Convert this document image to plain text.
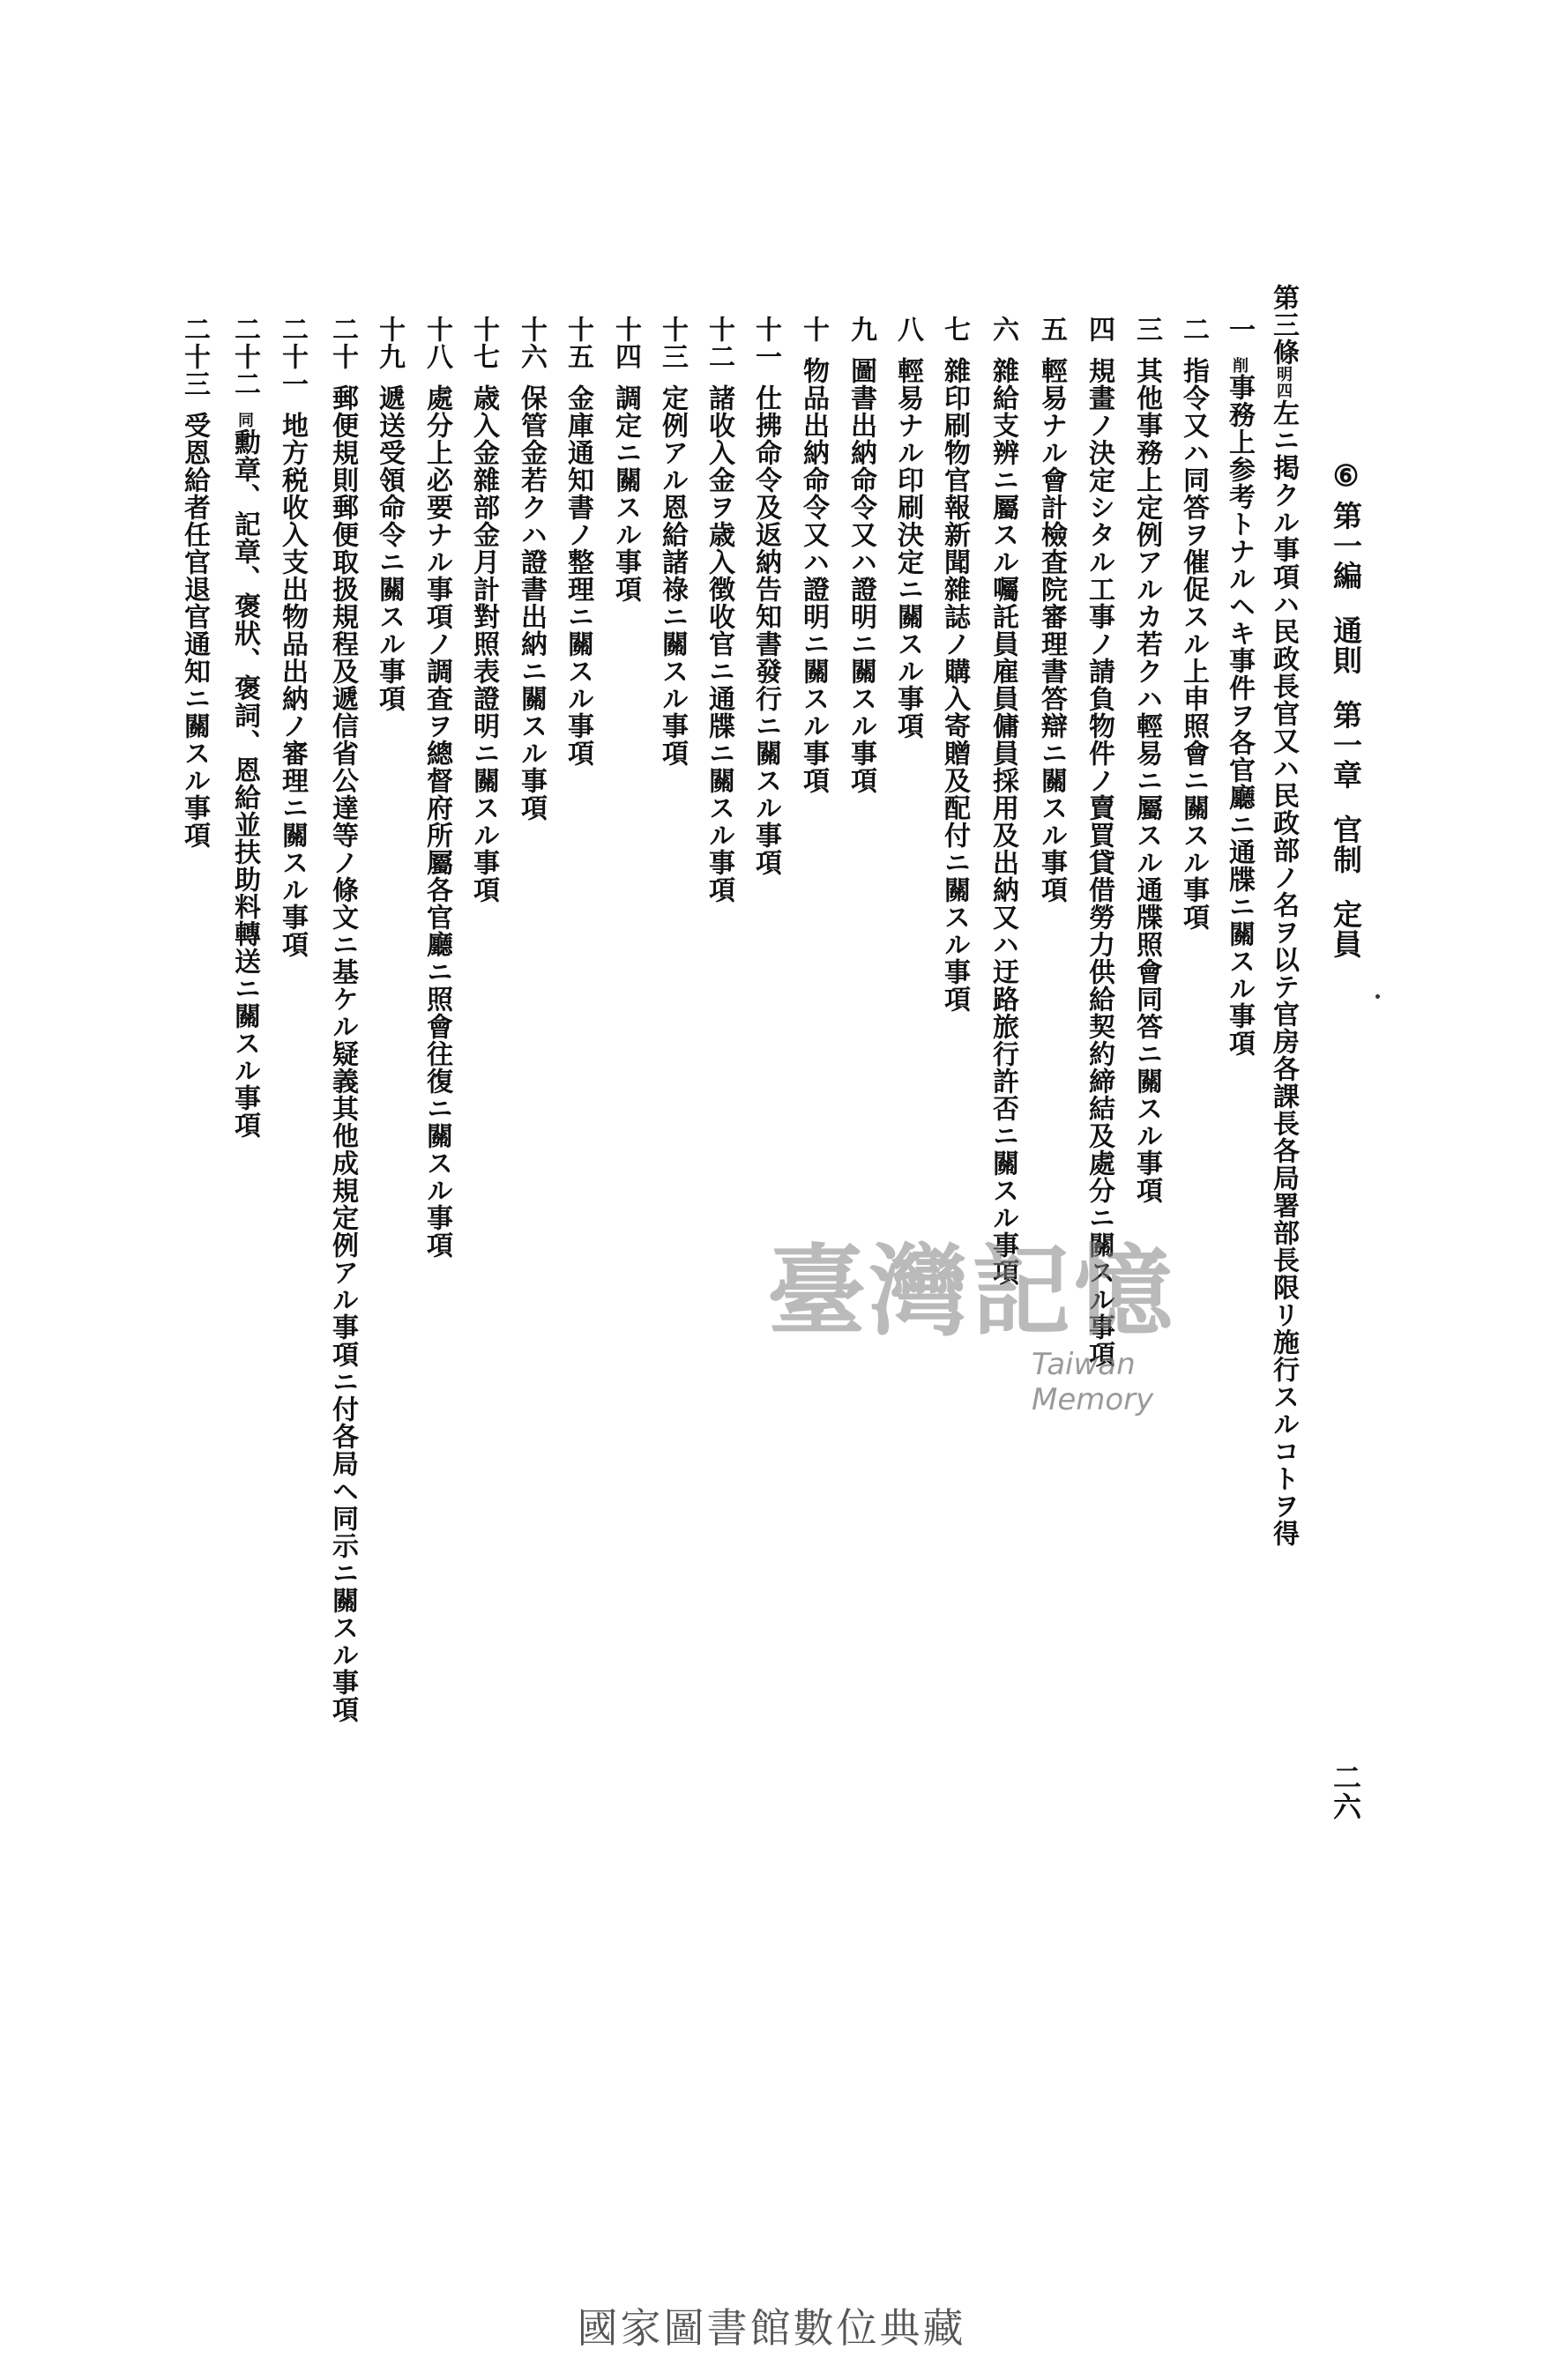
⑥第一編通則第一章官制定員
二六
第三條明四左ニ掲クル事項ハ民政長官又ハ民政部ノ名ヲ以テ官房各課長各局署部長限リ施行スルコトヲ得
一削事務上参考トナルヘキ事件ヲ各官廳ニ通牒ニ關スル事項
二指令又ハ同答ヲ催促スル上申照會ニ關スル事項
三其他事務上定例アルカ若クハ輕易ニ屬スル通牒照會同答ニ關スル事項
四規畫ノ決定シタル工事ノ請負物件ノ賣買貸借勞力供給契約締結及處分ニ關スル事項
五輕易ナル會計檢査院審理書答辯ニ關スル事項
六雜給支辨ニ屬スル囑託員雇員傭員採用及出納又ハ迂路旅行許否ニ關スル事項
七雜印刷物官報新聞雜誌ノ購入寄贈及配付ニ關スル事項
八輕易ナル印刷決定ニ關スル事項
九圖書出納命令又ハ證明ニ關スル事項
十物品出納命令又ハ證明ニ關スル事項
十一仕拂命令及返納告知書發行ニ關スル事項
十二諸收入金ヲ歳入徴收官ニ通牒ニ關スル事項
十三定例アル恩給諸祿ニ關スル事項
十四調定ニ關スル事項
十五金庫通知書ノ整理ニ關スル事項
十六保管金若クハ證書出納ニ關スル事項
十七歳入金雜部金月計對照表證明ニ關スル事項
十八處分上必要ナル事項ノ調査ヲ總督府所屬各官廳ニ照會往復ニ關スル事項
十九遞送受領命令ニ關スル事項
二十郵便規則郵便取扱規程及遞信省公達等ノ條文ニ基ケル疑義其他成規定例アル事項ニ付各局ヘ同示ニ關スル事項
二十一地方税收入支出物品出納ノ審理ニ關スル事項
二十二同勳章、記章、褒狀、褒詞、恩給並扶助料轉送ニ關スル事項
二十三受恩給者任官退官通知ニ關スル事項
臺灣記憶
Taiwan Memory
國家圖書館數位典藏
